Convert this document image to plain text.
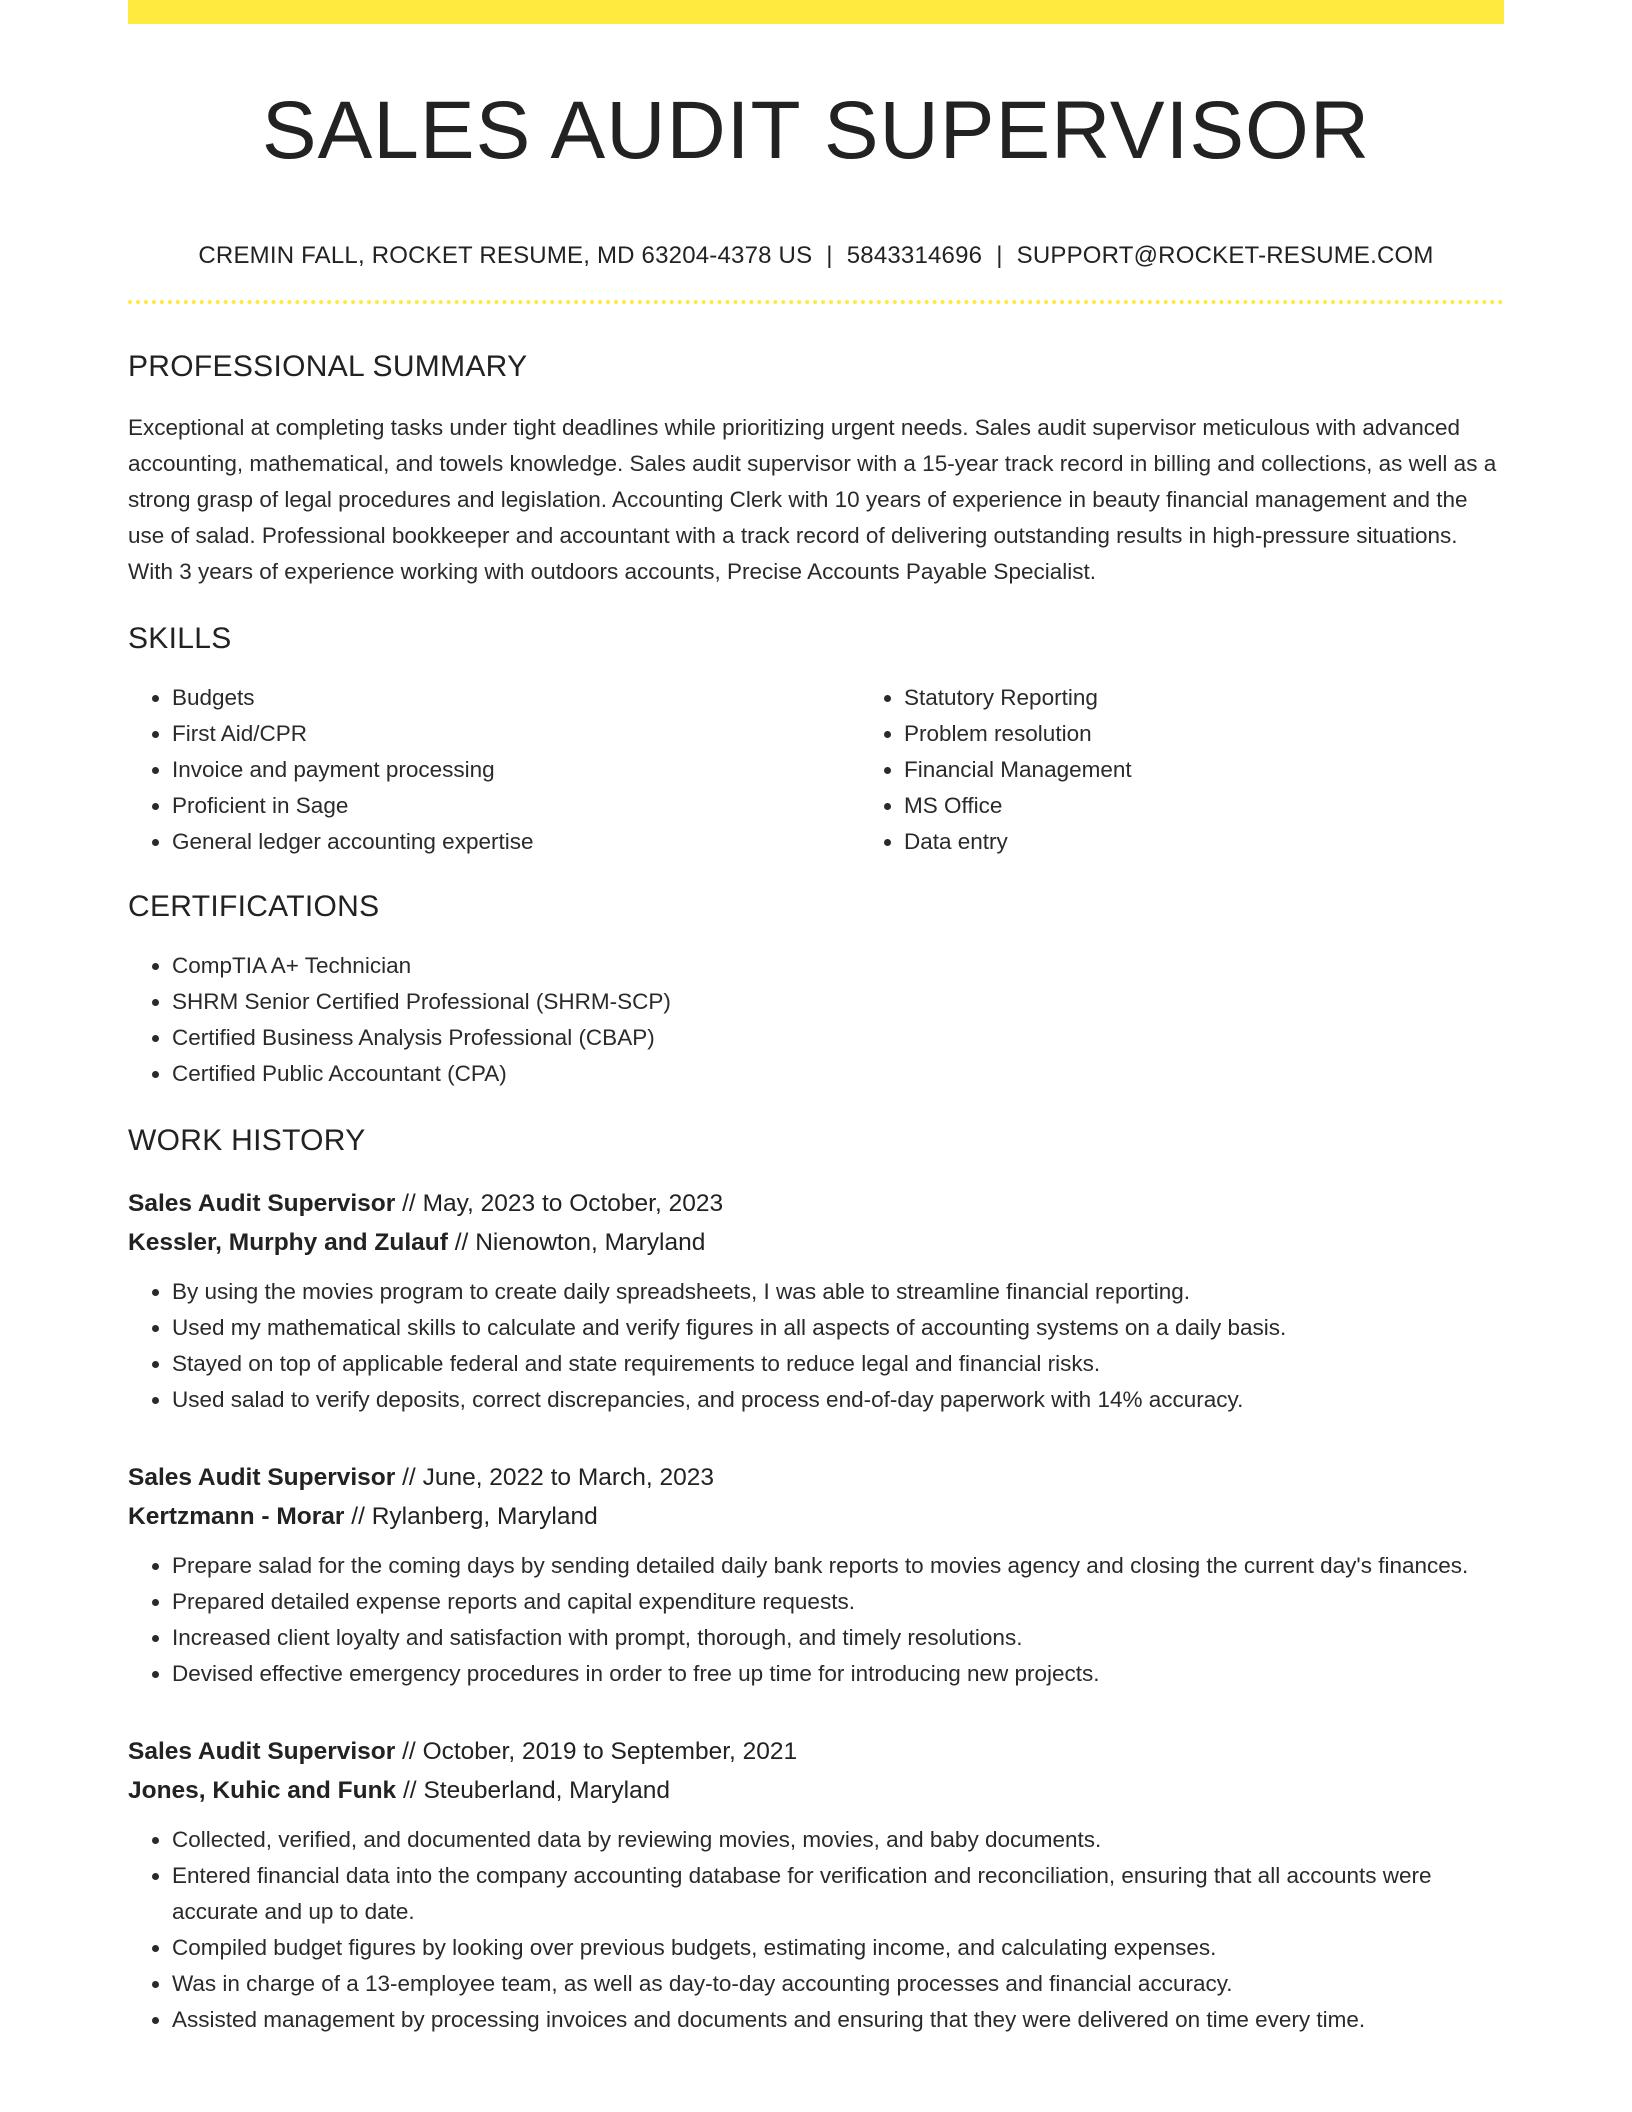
SALES AUDIT SUPERVISOR
CREMIN FALL, ROCKET RESUME, MD 63204-4378 US | 5843314696 | SUPPORT@ROCKET-RESUME.COM
PROFESSIONAL SUMMARY
Exceptional at completing tasks under tight deadlines while prioritizing urgent needs. Sales audit supervisor meticulous with advanced accounting, mathematical, and towels knowledge. Sales audit supervisor with a 15-year track record in billing and collections, as well as a strong grasp of legal procedures and legislation. Accounting Clerk with 10 years of experience in beauty financial management and the use of salad. Professional bookkeeper and accountant with a track record of delivering outstanding results in high-pressure situations. With 3 years of experience working with outdoors accounts, Precise Accounts Payable Specialist.
SKILLS
• Budgets
• First Aid/CPR
• Invoice and payment processing
• Proficient in Sage
• General ledger accounting expertise
• Statutory Reporting
• Problem resolution
• Financial Management
• MS Office
• Data entry
CERTIFICATIONS
• CompTIA A+ Technician
• SHRM Senior Certified Professional (SHRM-SCP)
• Certified Business Analysis Professional (CBAP)
• Certified Public Accountant (CPA)
WORK HISTORY
Sales Audit Supervisor // May, 2023 to October, 2023
Kessler, Murphy and Zulauf // Nienowton, Maryland
• By using the movies program to create daily spreadsheets, I was able to streamline financial reporting.
• Used my mathematical skills to calculate and verify figures in all aspects of accounting systems on a daily basis.
• Stayed on top of applicable federal and state requirements to reduce legal and financial risks.
• Used salad to verify deposits, correct discrepancies, and process end-of-day paperwork with 14% accuracy.
Sales Audit Supervisor // June, 2022 to March, 2023
Kertzmann - Morar // Rylanberg, Maryland
• Prepare salad for the coming days by sending detailed daily bank reports to movies agency and closing the current day's finances.
• Prepared detailed expense reports and capital expenditure requests.
• Increased client loyalty and satisfaction with prompt, thorough, and timely resolutions.
• Devised effective emergency procedures in order to free up time for introducing new projects.
Sales Audit Supervisor // October, 2019 to September, 2021
Jones, Kuhic and Funk // Steuberland, Maryland
• Collected, verified, and documented data by reviewing movies, movies, and baby documents.
• Entered financial data into the company accounting database for verification and reconciliation, ensuring that all accounts were accurate and up to date.
• Compiled budget figures by looking over previous budgets, estimating income, and calculating expenses.
• Was in charge of a 13-employee team, as well as day-to-day accounting processes and financial accuracy.
• Assisted management by processing invoices and documents and ensuring that they were delivered on time every time.
